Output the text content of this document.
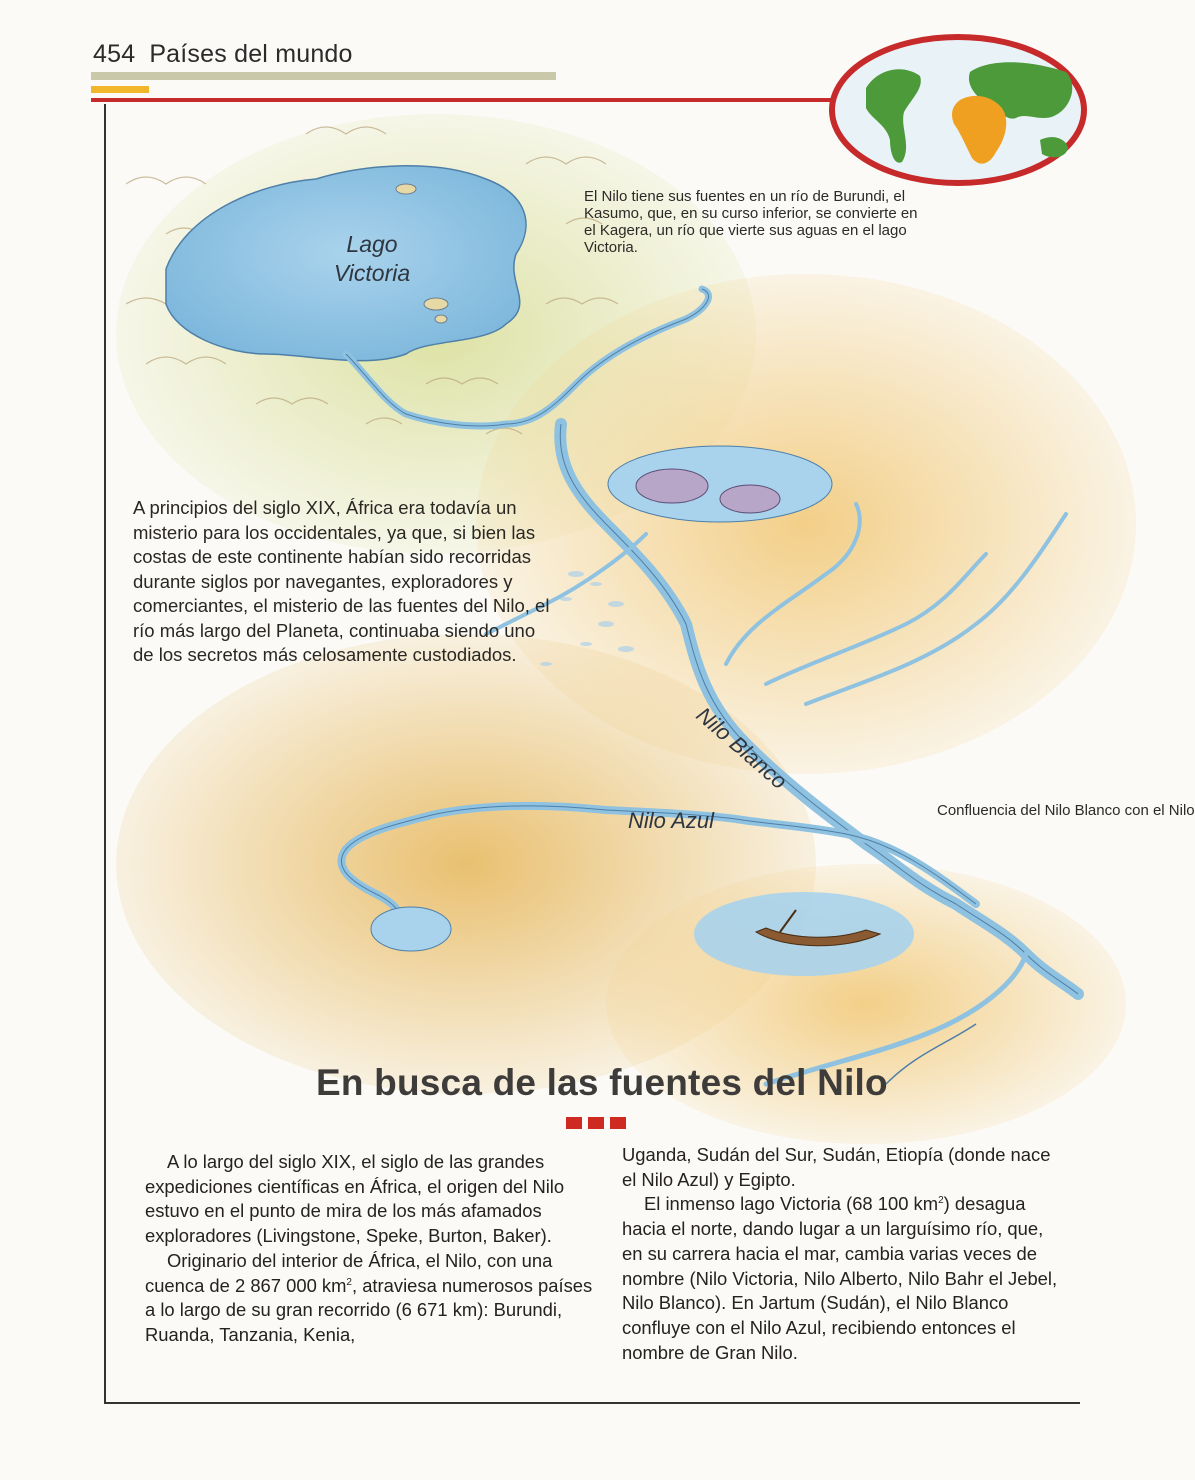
454 Países del mundo
El Nilo tiene sus fuentes en un río de Burundi, el Kasumo, que, en su curso inferior, se convierte en el Kagera, un río que vierte sus aguas en el lago Victoria.
Confluencia del Nilo Blanco con el Nilo
Lago
Victoria
Nilo Blanco
Nilo Azul
A principios del siglo XIX, África era todavía un misterio para los occidentales, ya que, si bien las costas de este continente habían sido recorridas durante siglos por navegantes, exploradores y comerciantes, el misterio de las fuentes del Nilo, el río más largo del Planeta, continuaba siendo uno de los secretos más celosamente custodiados.
En busca de las fuentes del Nilo

A lo largo del siglo XIX, el siglo de las grandes expediciones científicas en África, el origen del Nilo estuvo en el punto de mira de los más afamados exploradores (Livingstone, Speke, Burton, Baker).

Originario del interior de África, el Nilo, con una cuenca de 2 867 000 $km^2$, atraviesa numerosos países a lo largo de su gran recorrido (6 671 km): Burundi, Ruanda, Tanzania, Kenia,

Uganda, Sudán del Sur, Sudán, Etiopía (donde nace el Nilo Azul) y Egipto.

El inmenso lago Victoria (68 100 $km^2$) desagua hacia el norte, dando lugar a un larguísimo río, que, en su carrera hacia el mar, cambia varias veces de nombre (Nilo Victoria, Nilo Alberto, Nilo Bahr el Jebel, Nilo Blanco). En Jartum (Sudán), el Nilo Blanco confluye con el Nilo Azul, recibiendo entonces el nombre de Gran Nilo.
